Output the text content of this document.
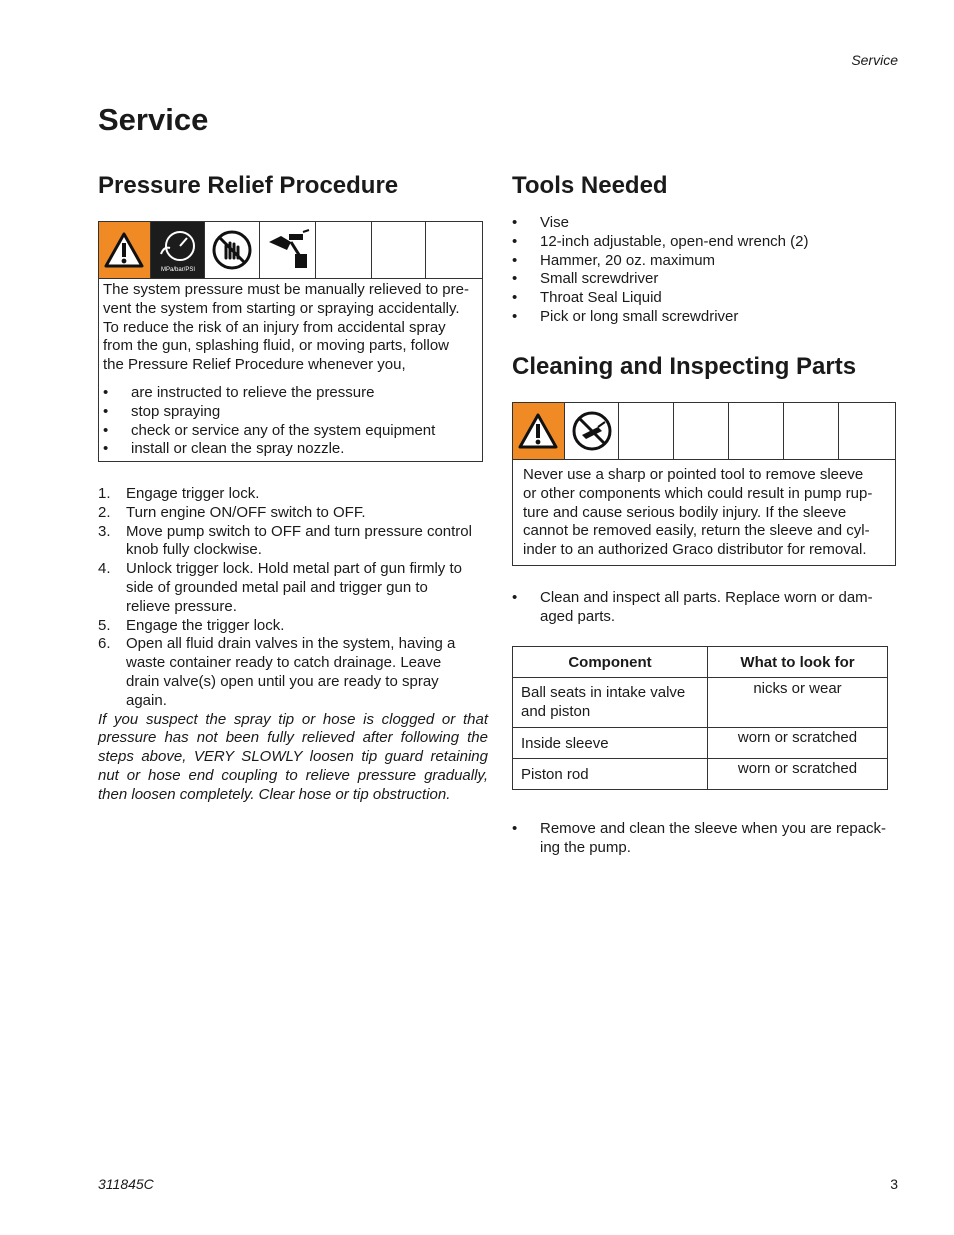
Service
Service
Pressure Relief Procedure
MPa/bar/PSI
The system pressure must be manually relieved to pre-
vent the system from starting or spraying accidentally.
To reduce the risk of an injury from accidental spray
from the gun, splashing fluid, or moving parts, follow
the Pressure Relief Procedure whenever you,
•	are instructed to relieve the pressure
•	stop spraying
•	check or service any of the system equipment
•	install or clean the spray nozzle.
1.	Engage trigger lock.
2.	Turn engine ON/OFF switch to OFF.
3.	Move pump switch to OFF and turn pressure control
knob fully clockwise.
4.	Unlock trigger lock. Hold metal part of gun firmly to
side of grounded metal pail and trigger gun to
relieve pressure.
5.	Engage the trigger lock.
6.	Open all fluid drain valves in the system, having a
waste container ready to catch drainage. Leave
drain valve(s) open until you are ready to spray
again.
If you suspect the spray tip or hose is clogged or that
pressure has not been fully relieved after following the
steps above, VERY SLOWLY loosen tip guard retaining
nut or hose end coupling to relieve pressure gradually,
then loosen completely. Clear hose or tip obstruction.
Tools Needed
•	Vise
•	12-inch adjustable, open-end wrench (2)
•	Hammer, 20 oz. maximum
•	Small screwdriver
•	Throat Seal Liquid
•	Pick or long small screwdriver
Cleaning and Inspecting Parts
Never use a sharp or pointed tool to remove sleeve
or other components which could result in pump rup-
ture and cause serious bodily injury. If the sleeve
cannot be removed easily, return the sleeve and cyl-
inder to an authorized Graco distributor for removal.
•	Clean and inspect all parts. Replace worn or dam-
aged parts.
Component	What to look for

Ball seats in intake valve
and piston	nicks or wear
Inside sleeve	worn or scratched
Piston rod	worn or scratched
•	Remove and clean the sleeve when you are repack-
ing the pump.
311845C	3
